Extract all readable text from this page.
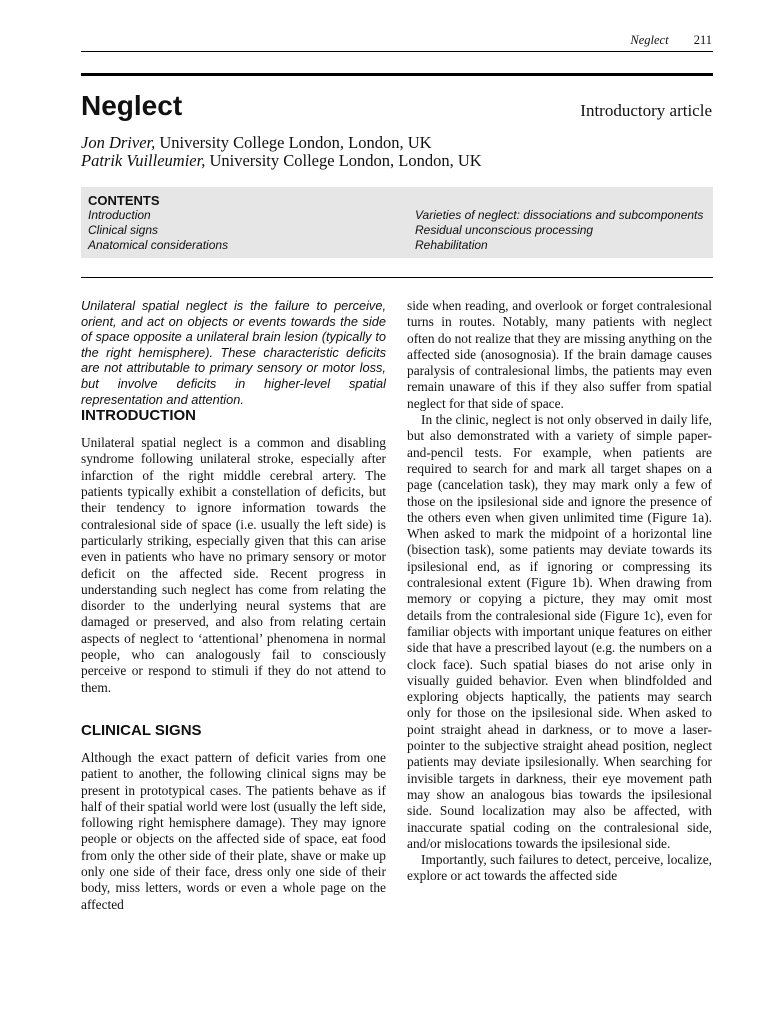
Neglect 211
Neglect	Introductory article
Jon Driver, University College London, London, UK
Patrik Vuilleumier, University College London, London, UK
CONTENTS
Introduction
Clinical signs
Anatomical considerations
Varieties of neglect: dissociations and subcomponents
Residual unconscious processing
Rehabilitation

Unilateral spatial neglect is the failure to perceive, orient, and act on objects or events towards the side of space opposite a unilateral brain lesion (typically to the right hemisphere). These characteristic deficits are not attributable to primary sensory or motor loss, but involve deficits in higher-level spatial representation and attention.

INTRODUCTION

Unilateral spatial neglect is a common and disabling syndrome following unilateral stroke, especially after infarction of the right middle cerebral artery. The patients typically exhibit a constellation of deficits, but their tendency to ignore information towards the contralesional side of space (i.e. usually the left side) is particularly striking, especially given that this can arise even in patients who have no primary sensory or motor deficit on the affected side. Recent progress in understanding such neglect has come from relating the disorder to the underlying neural systems that are damaged or preserved, and also from relating certain aspects of neglect to ‘attentional’ phenomena in normal people, who can analogously fail to consciously perceive or respond to stimuli if they do not attend to them.

CLINICAL SIGNS

Although the exact pattern of deficit varies from one patient to another, the following clinical signs may be present in prototypical cases. The patients behave as if half of their spatial world were lost (usually the left side, following right hemisphere damage). They may ignore people or objects on the affected side of space, eat food from only the other side of their plate, shave or make up only one side of their face, dress only one side of their body, miss letters, words or even a whole page on the affected

side when reading, and overlook or forget contralesional turns in routes. Notably, many patients with neglect often do not realize that they are missing anything on the affected side (anosognosia). If the brain damage causes paralysis of contralesional limbs, the patients may even remain unaware of this if they also suffer from spatial neglect for that side of space.

In the clinic, neglect is not only observed in daily life, but also demonstrated with a variety of simple paper-and-pencil tests. For example, when patients are required to search for and mark all target shapes on a page (cancelation task), they may mark only a few of those on the ipsilesional side and ignore the presence of the others even when given unlimited time (Figure 1a). When asked to mark the midpoint of a horizontal line (bisection task), some patients may deviate towards its ipsilesional end, as if ignoring or compressing its contralesional extent (Figure 1b). When drawing from memory or copying a picture, they may omit most details from the contralesional side (Figure 1c), even for familiar objects with important unique features on either side that have a prescribed layout (e.g. the numbers on a clock face). Such spatial biases do not arise only in visually guided behavior. Even when blindfolded and exploring objects haptically, the patients may search only for those on the ipsilesional side. When asked to point straight ahead in darkness, or to move a laser-pointer to the subjective straight ahead position, neglect patients may deviate ipsilesionally. When searching for invisible targets in darkness, their eye movement path may show an analogous bias towards the ipsilesional side. Sound localization may also be affected, with inaccurate spatial coding on the contralesional side, and/or mislocations towards the ipsilesional side.

Importantly, such failures to detect, perceive, localize, explore or act towards the affected side
